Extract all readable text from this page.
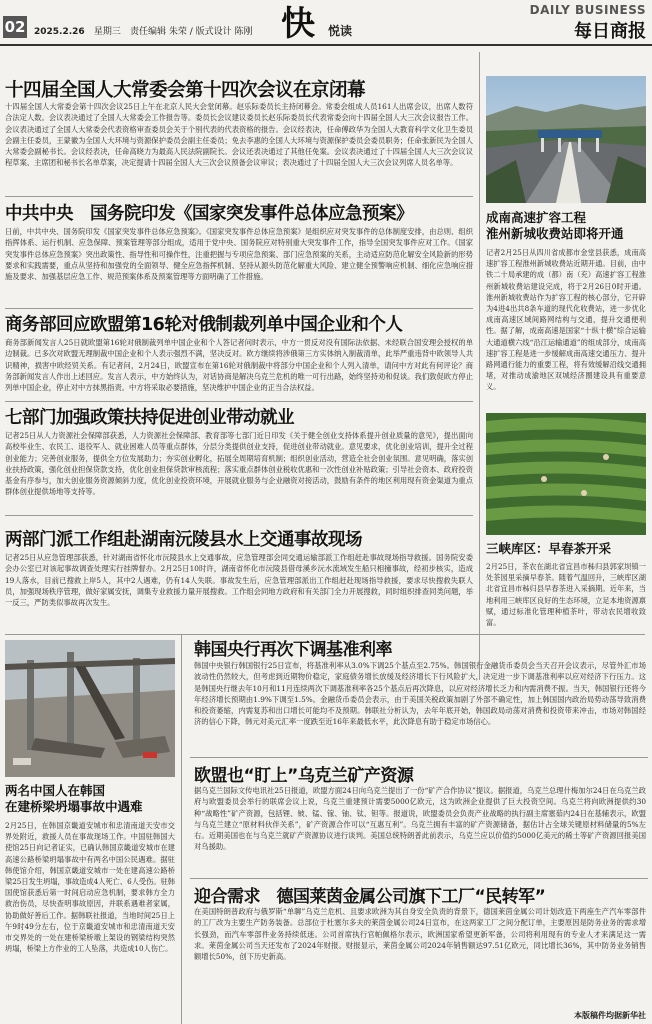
02 2025.2.26 星期三 责任编辑 朱荣 / 版式设计 陈刚 快 悦读
DAILY BUSINESS
每日商报
十四届全国人大常委会第十四次会议在京闭幕

十四届全国人大常委会第十四次会议25日上午在北京人民大会堂闭幕。赵乐际委员长主持闭幕会。常委会组成人员161人出席会议，出席人数符合法定人数。会议表决通过了全国人大常委会工作报告等。委员长会议建议委员长赵乐际委员长代表常委会向十四届全国人大三次会议报告工作。会议表决通过了全国人大常委会代表资格审查委员会关于个别代表的代表资格的报告。会议经表决，任命傅政华为全国人大教育科学文化卫生委员会副主任委员，王蒙徽为全国人大环境与资源保护委员会副主任委员；免去李惠的全国人大环境与资源保护委员会委员职务；任命张新民为全国人大常委会副秘书长。会议经表决，任命高晓力为最高人民法院副院长。会议还表决通过了其他任免案。会议表决通过了十四届全国人大三次会议议程草案、主席团和秘书长名单草案，决定提请十四届全国人大三次会议预备会议审议；表决通过了十四届全国人大三次会议列席人员名单等。

中共中央　国务院印发《国家突发事件总体应急预案》

日前，中共中央、国务院印发《国家突发事件总体应急预案》。《国家突发事件总体应急预案》是组织应对突发事件的总体制度安排，由总则、组织指挥体系、运行机制、应急保障、预案管理等部分组成，适用于党中央、国务院应对特别重大突发事件工作，指导全国突发事件应对工作。《国家突发事件总体应急预案》突出政策性、指导性和可操作性，注重把握与专项应急预案、部门应急预案的关系，主动适应防范化解安全风险新的形势要求和实践需要，重点从坚持和加强党的全面领导、健全应急指挥机制、坚持从源头防范化解重大风险、建立健全预警响应机制、细化应急响应措施及要求、加强基层应急工作、规范预案体系及预案管理等方面明确了工作措施。

商务部回应欧盟第16轮对俄制裁列单中国企业和个人

商务部新闻发言人25日就欧盟第16轮对俄制裁列单中国企业和个人答记者问时表示，中方一贯反对没有国际法依据、未经联合国安理会授权的单边制裁。已多次对欧盟无理制裁中国企业和个人表示强烈不满，坚决反对。欧方继续将涉俄第三方实体纳入制裁清单，此举严重违背中欧领导人共识精神，损害中欧经贸关系。有记者问，2月24日，欧盟宣布在第16轮对俄制裁中将部分中国企业和个人列入清单，请问中方对此有何评论？商务部新闻发言人作出上述回应。发言人表示，中方始终认为，对话协商是解决乌克兰危机的唯一可行出路，始终坚持劝和促谈。我们敦促欧方停止列单中国企业，停止对中方抹黑指责。中方将采取必要措施，坚决维护中国企业的正当合法权益。

七部门加强政策扶持促进创业带动就业

记者25日从人力资源社会保障部获悉，人力资源社会保障部、教育部等七部门近日印发《关于健全创业支持体系提升创业质量的意见》，提出面向高校毕业生、农民工、退役军人、就业困难人员等重点群体，分层分类提供创业支持，促进创业带动就业。意见要求，优化创业培训，提升全过程创业能力；完善创业服务，提供全方位发展助力；夯实创业孵化，拓展全周期培育机制；组织创业活动，营造全社会创业氛围。意见明确，落实创业扶持政策，强化创业担保贷款支持，优化创业担保贷款审核流程；落实重点群体创业税收优惠和一次性创业补贴政策；引导社会资本、政府投资基金有序参与，加大创业服务资源倾斜力度，优化创业投资环境，开展就业服务与企业融资对接活动，鼓励有条件的地区利用现有资金渠道为重点群体创业提供场地等支持等。

两部门派工作组赴湖南沅陵县水上交通事故现场

记者25日从应急管理部获悉，针对湖南省怀化市沅陵县水上交通事故，应急管理部会同交通运输部派工作组赶赴事故现场指导救援。国务院安委会办公室已对该起事故调查处理实行挂牌督办。2月25日10时许，湖南省怀化市沅陵县借母溪乡沅水流域发生船只相撞事故，经初步核实，造成19人落水，目前已搜救上岸5人，其中2人遇难，仍有14人失联。事故发生后，应急管理部派出工作组赶赴现场指导救援，要求尽快搜救失联人员，加强现场秩序管理，做好家属安抚，调集专业救援力量开展搜救。工作组会同地方政府和有关部门全力开展搜救，同时组织排查同类问题，举一反三，严防类似事故再次发生。

韩国央行再次下调基准利率

韩国中央银行韩国银行25日宣布，将基准利率从3.0%下调25个基点至2.75%。韩国银行金融货币委员会当天召开会议表示，尽管外汇市场波动性仍然较大，但考虑到近期物价稳定，家庭债务增长放缓及经济增长下行风险扩大，决定进一步下调基准利率以应对经济下行压力。这是韩国央行继去年10月和11月连续两次下调基准利率各25个基点后再次降息，以应对经济增长乏力和内需消费不振。当天，韩国银行还将今年经济增长预期由1.9%下调至1.5%。金融货币委员会表示，由于美国关税政策加剧了外部不确定性，加上韩国国内政治局势动荡导致消费和投资萎缩，内需复苏和出口增长可能均不及预期。韩联社分析认为，去年年底开始，韩国政局动荡对消费和投资带来冲击，市场对韩国经济的信心下降，韩元对美元汇率一度跌至近16年来最低水平，此次降息有助于稳定市场信心。

欧盟也“盯上”乌克兰矿产资源

据乌克兰国际文传电讯社25日报道，欧盟方面24日向乌克兰提出了一份“矿产合作协议”提议。据报道，乌克兰总理什梅加尔24日在乌克兰政府与欧盟委员会举行的联席会议上说，乌克兰重建预计需要5000亿欧元，这为欧洲企业提供了巨大投资空间。乌克兰将向欧洲提供约30种“战略性”矿产资源，包括锂、铍、锰、镓、铀、钛、钽等。报道说，欧盟委员会负责产业战略的执行副主席塞茹内24日在基辅表示，欧盟与乌克兰建立“原材料伙伴关系”，矿产资源合作可以“互惠互利”。乌克兰拥有丰富的矿产资源储备，据估计占全球关键原材料储量的5%左右。近期美国也在与乌克兰就矿产资源协议进行谈判。美国总统特朗普此前表示，乌克兰应以价值约5000亿美元的稀土等矿产资源回报美国对乌援助。

迎合需求　德国莱茵金属公司旗下工厂“民转军”

在美国特朗普政府与俄罗斯“单聊”乌克兰危机、且要求欧洲为其自身安全负责的背景下，德国莱茵金属公司计划改造下两座生产汽车零部件的工厂改为主要生产防务装备。总部位于杜塞尔多夫的莱茵金属公司24日宣布，在这两家工厂之间分配订单，主要原因是防务业务的需求增长强劲，而汽车零部件业务持续低迷。公司首席执行官帕佩格尔表示，欧洲国家希望更新军备，公司将利用现有的专业人才来满足这一需求。莱茵金属公司当天还发布了2024年财报。财报显示，莱茵金属公司2024年销售额达97.51亿欧元，同比增长36%，其中防务业务销售额增长50%，创下历史新高。

成南高速扩容工程
淮州新城收费站即将开通

记者2月25日从四川省成都市金堂县获悉，成南高速扩容工程淮州新城收费站近期开通。目前，由中铁二十局承建的成（都）南（充）高速扩容工程淮州新城收费站建设完成，将于2月26日0时开通。淮州新城收费站作为扩容工程的核心部分，它开辟为4进4出共8条车道的现代化收费站，进一步优化成南高速区域间路网结构与交通，提升交通便利性。据了解，成南高速是国家“十纵十横”综合运输大通道横六线“沿江运输通道”的组成部分，成南高速扩容工程是进一步缓解成南高速交通压力、提升路网通行能力的重要工程，将有效缓解沿线交通拥堵，对推动成渝地区双城经济圈建设具有重要意义。

三峡库区：早春茶开采

2月25日，茶农在湖北省宜昌市秭归县郭家坝镇一处茶园里采摘早春茶。随着气温回升，三峡库区湖北省宜昌市秭归县早春茶进入采摘期。近年来，当地利用三峡库区良好的生态环境，立足本地资源禀赋，通过标准化管理种植茶叶，带动农民增收致富。

两名中国人在韩国
在建桥梁坍塌事故中遇难

2月25日，在韩国京畿道安城市和忠清南道天安市交界处附近，救援人员在事故现场工作。中国驻韩国大使馆25日向记者证实，已确认韩国京畿道安城市在建高速公路桥梁坍塌事故中有两名中国公民遇难。据驻韩使馆介绍，韩国京畿道安城市一处在建高速公路桥梁25日发生坍塌，事故造成4人死亡、6人受伤。驻韩国使馆获悉后第一时间启动应急机制，要求韩方全力救治伤员，尽快查明事故原因，并联系遇难者家属，协助做好善后工作。据韩联社报道，当地时间25日上午9时49分左右，位于京畿道安城市和忠清南道天安市交界处的一处在建桥梁桥墩上架设的钢梁结构突然坍塌，桥梁上方作业的工人坠落，共造成10人伤亡。

本版稿件均据新华社
